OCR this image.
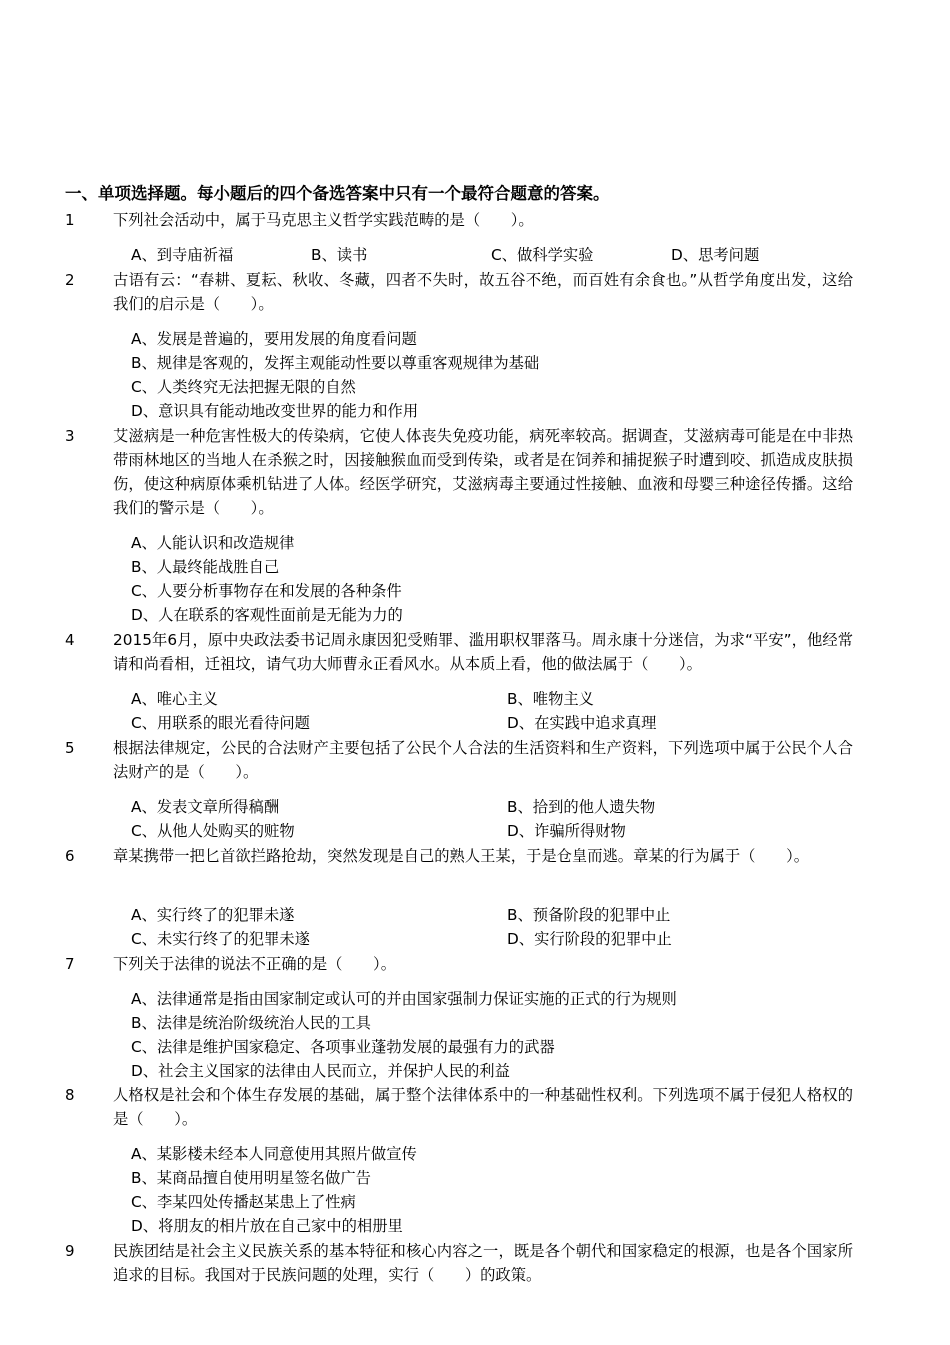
一、单项选择题。每小题后的四个备选答案中只有一个最符合题意的答案。
1	下列社会活动中，属于马克思主义哲学实践范畴的是（　　）。
A、到寺庙祈福	B、读书	C、做科学实验	D、思考问题
2	古语有云：“春耕、夏耘、秋收、冬藏，四者不失时，故五谷不绝，而百姓有余食也。”从哲学角度出发，这给我们的启示是（　　）。
A、发展是普遍的，要用发展的角度看问题
B、规律是客观的，发挥主观能动性要以尊重客观规律为基础
C、人类终究无法把握无限的自然
D、意识具有能动地改变世界的能力和作用
3	艾滋病是一种危害性极大的传染病，它使人体丧失免疫功能，病死率较高。据调查，艾滋病毒可能是在中非热带雨林地区的当地人在杀猴之时，因接触猴血而受到传染，或者是在饲养和捕捉猴子时遭到咬、抓造成皮肤损伤，使这种病原体乘机钻进了人体。经医学研究，艾滋病毒主要通过性接触、血液和母婴三种途径传播。这给我们的警示是（　　）。
A、人能认识和改造规律
B、人最终能战胜自己
C、人要分析事物存在和发展的各种条件
D、人在联系的客观性面前是无能为力的
4	2015年6月，原中央政法委书记周永康因犯受贿罪、滥用职权罪落马。周永康十分迷信，为求“平安”，他经常请和尚看相，迁祖坟，请气功大师曹永正看风水。从本质上看，他的做法属于（　　）。
A、唯心主义	B、唯物主义
C、用联系的眼光看待问题	D、在实践中追求真理
5	根据法律规定，公民的合法财产主要包括了公民个人合法的生活资料和生产资料，下列选项中属于公民个人合法财产的是（　　）。
A、发表文章所得稿酬	B、拾到的他人遗失物
C、从他人处购买的赃物	D、诈骗所得财物
6	章某携带一把匕首欲拦路抢劫，突然发现是自己的熟人王某，于是仓皇而逃。章某的行为属于（　　）。
A、实行终了的犯罪未遂	B、预备阶段的犯罪中止
C、未实行终了的犯罪未遂	D、实行阶段的犯罪中止
7	下列关于法律的说法不正确的是（　　）。
A、法律通常是指由国家制定或认可的并由国家强制力保证实施的正式的行为规则
B、法律是统治阶级统治人民的工具
C、法律是维护国家稳定、各项事业蓬勃发展的最强有力的武器
D、社会主义国家的法律由人民而立，并保护人民的利益
8	人格权是社会和个体生存发展的基础，属于整个法律体系中的一种基础性权利。下列选项不属于侵犯人格权的是（　　）。
A、某影楼未经本人同意使用其照片做宣传
B、某商品擅自使用明星签名做广告
C、李某四处传播赵某患上了性病
D、将朋友的相片放在自己家中的相册里
9	民族团结是社会主义民族关系的基本特征和核心内容之一，既是各个朝代和国家稳定的根源，也是各个国家所追求的目标。我国对于民族问题的处理，实行（　　）的政策。
